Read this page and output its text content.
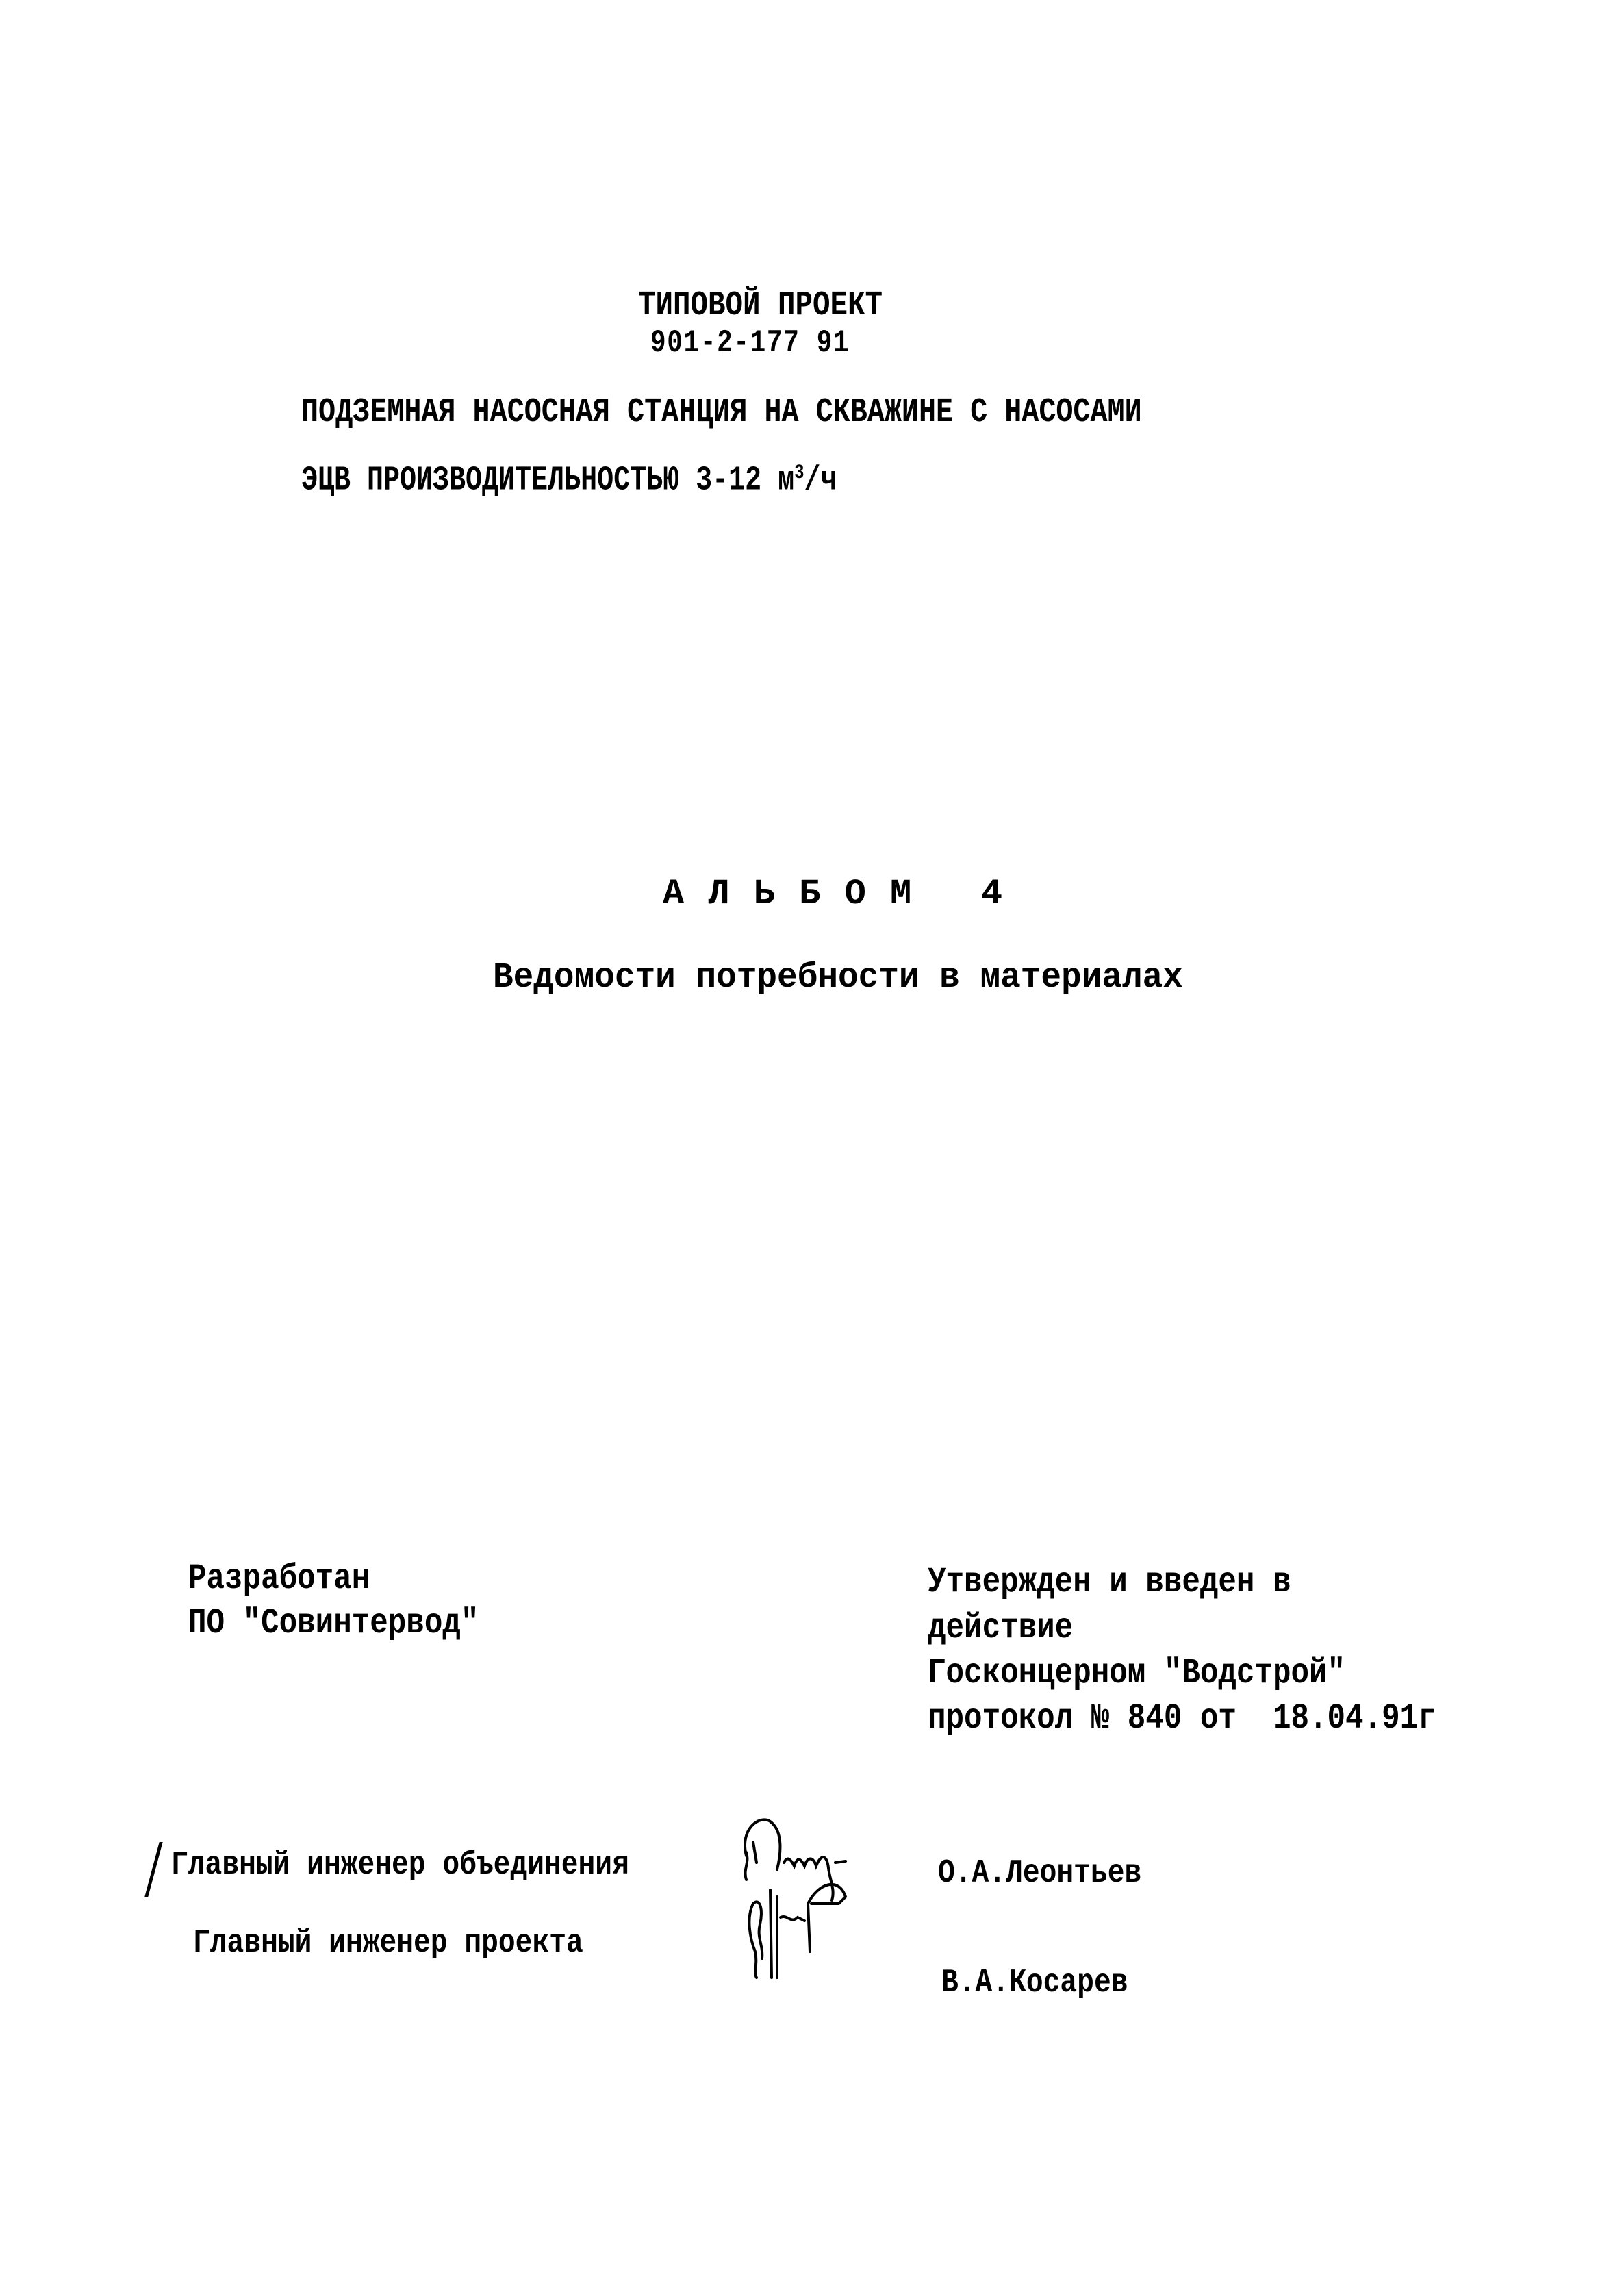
ТИПОВОЙ ПРОЕКТ
901-2-177 91
ПОДЗЕМНАЯ НАСОСНАЯ СТАНЦИЯ НА СКВАЖИНЕ С НАСОСАМИ
ЭЦВ ПРОИЗВОДИТЕЛЬНОСТЬЮ 3-12 $м^3/ч$
А Л Ь Б О М   4
Ведомости потребности в материалах
Разработан
ПО "Совинтервод"
Утвержден и введен в
действие
Госконцерном "Водстрой"
протокол № 840 от  18.04.91г
Главный инженер объединения
Главный инженер проекта
О.А.Леонтьев
В.А.Косарев
